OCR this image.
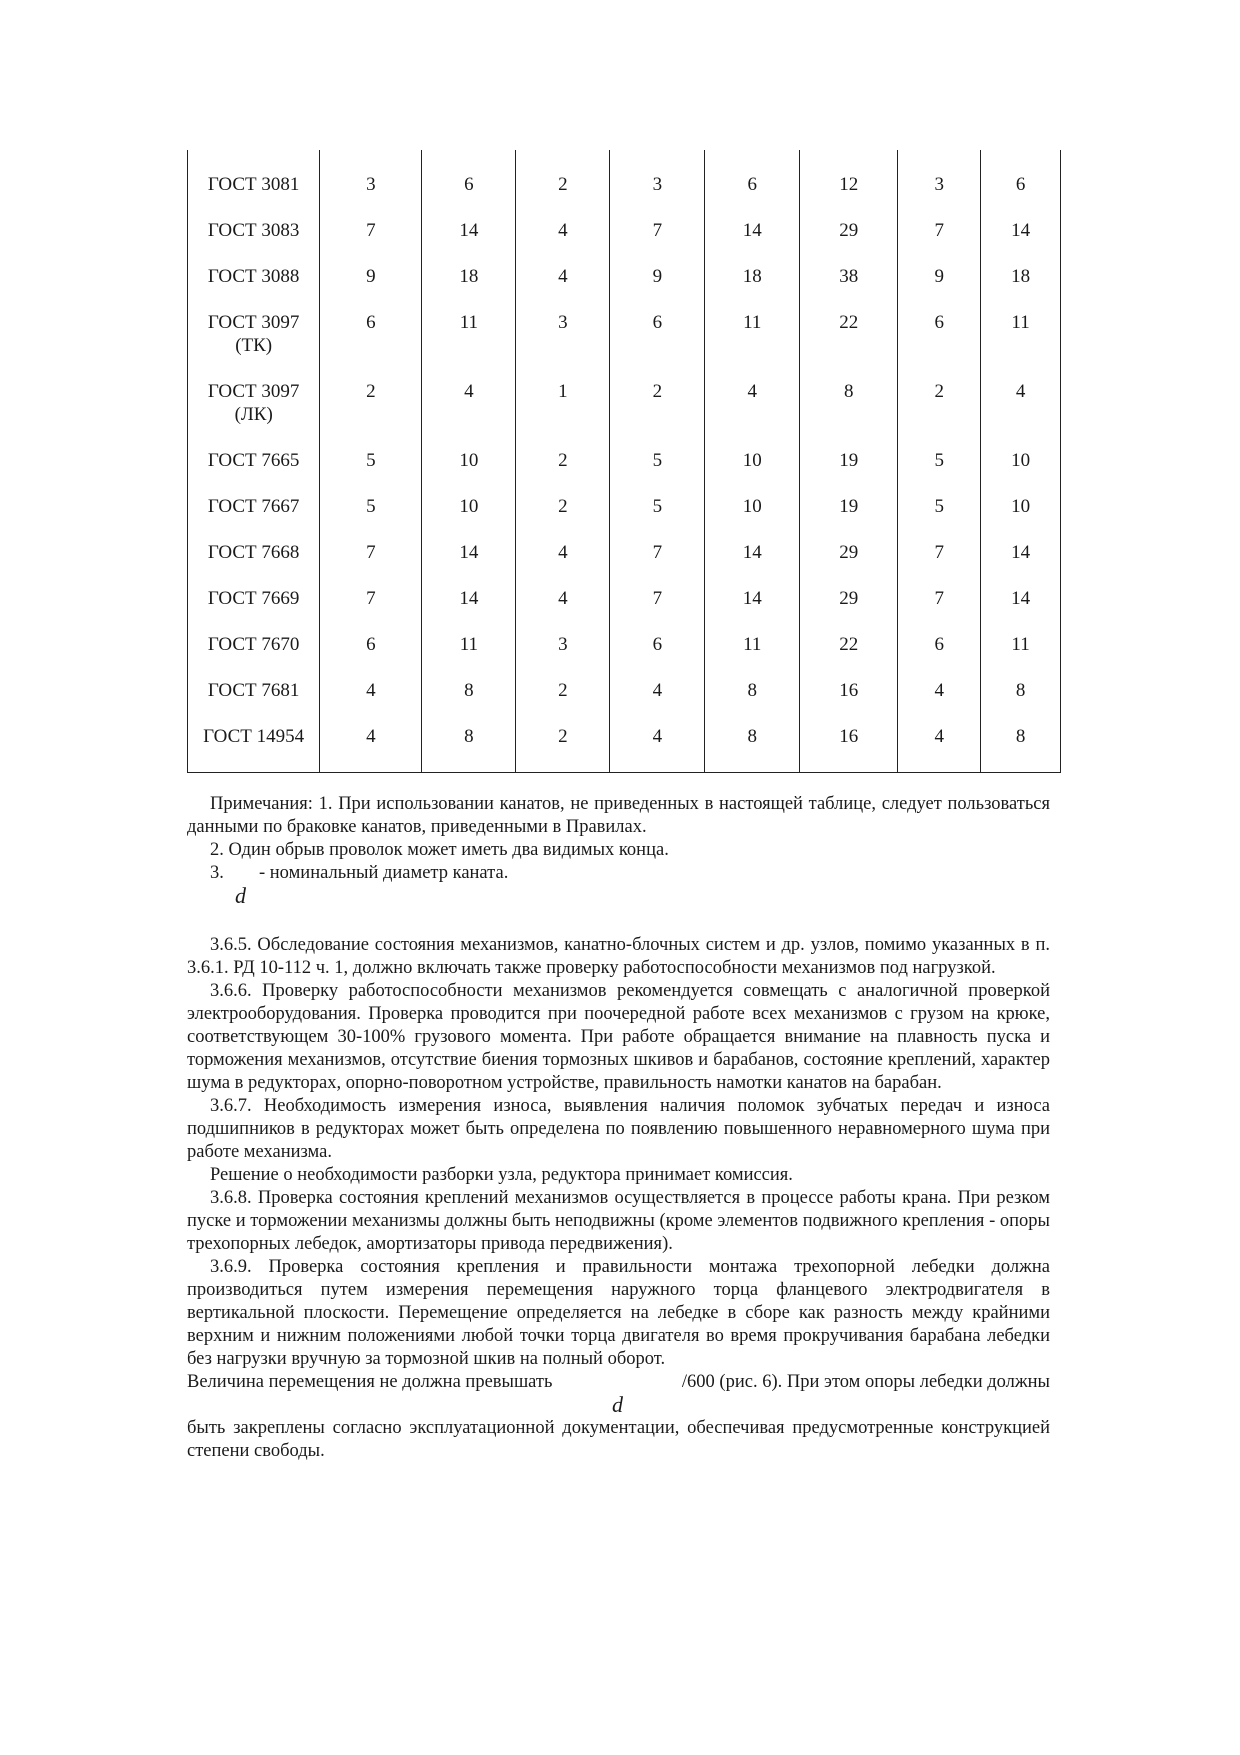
ГОСТ 3081	3	6	2	3	6	12	3	6
ГОСТ 3083	7	14	4	7	14	29	7	14
ГОСТ 3088	9	18	4	9	18	38	9	18
ГОСТ 3097 (ТК)	6	11	3	6	11	22	6	11
ГОСТ 3097 (ЛК)	2	4	1	2	4	8	2	4
ГОСТ 7665	5	10	2	5	10	19	5	10
ГОСТ 7667	5	10	2	5	10	19	5	10
ГОСТ 7668	7	14	4	7	14	29	7	14
ГОСТ 7669	7	14	4	7	14	29	7	14
ГОСТ 7670	6	11	3	6	11	22	6	11
ГОСТ 7681	4	8	2	4	8	16	4	8
ГОСТ 14954	4	8	2	4	8	16	4	8

Примечания: 1. При использовании канатов, не приведенных в настоящей таблице, следует пользоваться данными по браковке канатов, приведенными в Правилах.

2. Один обрыв проволок может иметь два видимых конца.

3.
d
- номинальный диаметр каната.

3.6.5. Обследование состояния механизмов, канатно-блочных систем и др. узлов, помимо указанных в п. 3.6.1. РД 10-112 ч. 1, должно включать также проверку работоспособности механизмов под нагрузкой.

3.6.6. Проверку работоспособности механизмов рекомендуется совмещать с аналогичной проверкой электрооборудования. Проверка проводится при поочередной работе всех механизмов с грузом на крюке, соответствующем 30-100% грузового момента. При работе обращается внимание на плавность пуска и торможения механизмов, отсутствие биения тормозных шкивов и барабанов, состояние креплений, характер шума в редукторах, опорно-поворотном устройстве, правильность намотки канатов на барабан.

3.6.7. Необходимость измерения износа, выявления наличия поломок зубчатых передач и износа подшипников в редукторах может быть определена по появлению повышенного неравномерного шума при работе механизма.

Решение о необходимости разборки узла, редуктора принимает комиссия.

3.6.8. Проверка состояния креплений механизмов осуществляется в процессе работы крана. При резком пуске и торможении механизмы должны быть неподвижны (кроме элементов подвижного крепления - опоры трехопорных лебедок, амортизаторы привода передвижения).

3.6.9. Проверка состояния крепления и правильности монтажа трехопорной лебедки должна производиться путем измерения перемещения наружного торца фланцевого электродвигателя в вертикальной плоскости. Перемещение определяется на лебедке в сборе как разность между крайними верхним и нижним положениями любой точки торца двигателя во время прокручивания барабана лебедки без нагрузки вручную за тормозной шкив на полный оборот.

Величина перемещения не должна превышать
d
/600 (рис. 6). При этом опоры лебедки должны

быть закреплены согласно эксплуатационной документации, обеспечивая предусмотренные конструкцией степени свободы.
